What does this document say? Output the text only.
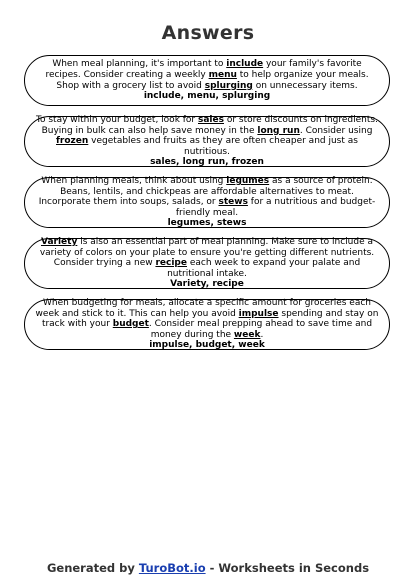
Answers

When meal planning, it's important to include your family's favorite recipes. Consider creating a weekly menu to help organize your meals. Shop with a grocery list to avoid splurging on unnecessary items.

include, menu, splurging

To stay within your budget, look for sales or store discounts on ingredients. Buying in bulk can also help save money in the long run. Consider using frozen vegetables and fruits as they are often cheaper and just as nutritious.

sales, long run, frozen

When planning meals, think about using legumes as a source of protein. Beans, lentils, and chickpeas are affordable alternatives to meat. Incorporate them into soups, salads, or stews for a nutritious and budget-friendly meal.

legumes, stews

Variety is also an essential part of meal planning. Make sure to include a variety of colors on your plate to ensure you're getting different nutrients. Consider trying a new recipe each week to expand your palate and nutritional intake.

Variety, recipe

When budgeting for meals, allocate a specific amount for groceries each week and stick to it. This can help you avoid impulse spending and stay on track with your budget. Consider meal prepping ahead to save time and money during the week.

impulse, budget, week

Generated by TuroBot.io - Worksheets in Seconds
